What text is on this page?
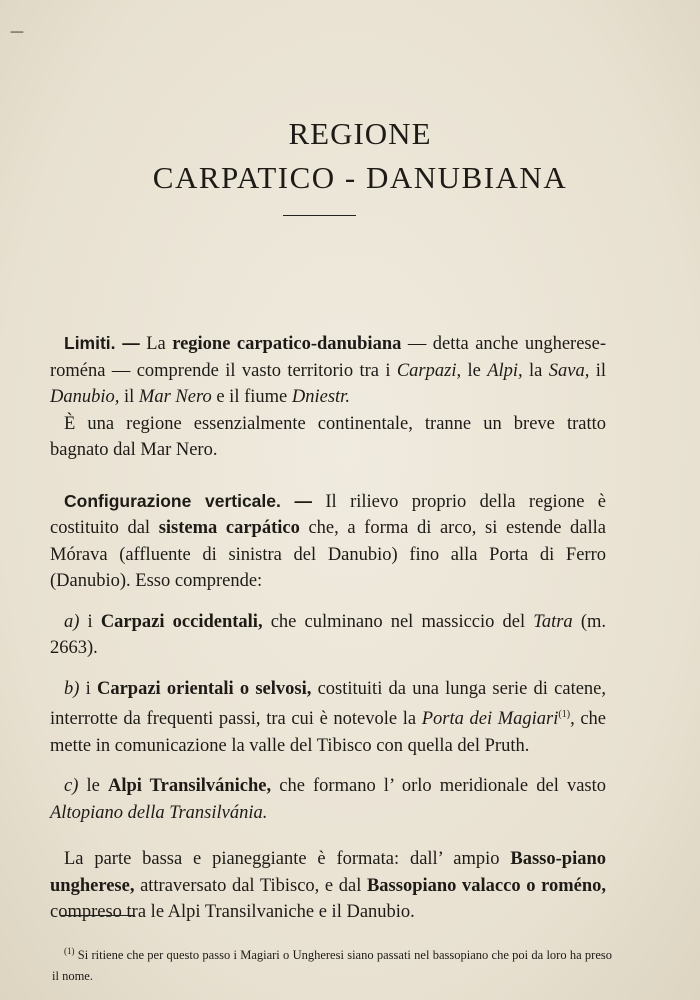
—

REGIONE

CARPATICO - DANUBIANA

Limiti. — La regione carpatico-danubiana — detta anche ungherese-roména — comprende il vasto territorio tra i Carpazi, le Alpi, la Sava, il Danubio, il Mar Nero e il fiume Dniestr.
È una regione essenzialmente continentale, tranne un breve tratto bagnato dal Mar Nero.

Configurazione verticale. — Il rilievo proprio della regione è costituito dal sistema carpático che, a forma di arco, si estende dalla Mórava (affluente di sinistra del Danubio) fino alla Porta di Ferro (Danubio). Esso comprende:

a) i Carpazi occidentali, che culminano nel massiccio del Tatra (m. 2663).

b) i Carpazi orientali o selvosi, costituiti da una lunga serie di catene, interrotte da frequenti passi, tra cui è notevole la Porta dei Magiari$^{(1)}$, che mette in comunicazione la valle del Tibisco con quella del Pruth.

c) le Alpi Transilvániche, che formano l’ orlo meridionale del vasto Altopiano della Transilvánia.

La parte bassa e pianeggiante è formata: dall’ ampio Basso-piano ungherese, attraversato dal Tibisco, e dal Bassopiano valacco o roméno, compreso tra le Alpi Transilvaniche e il Danubio.

$^{(1)}$ Si ritiene che per questo passo i Magiari o Ungheresi siano passati nel bassopiano che poi da loro ha preso il nome.
